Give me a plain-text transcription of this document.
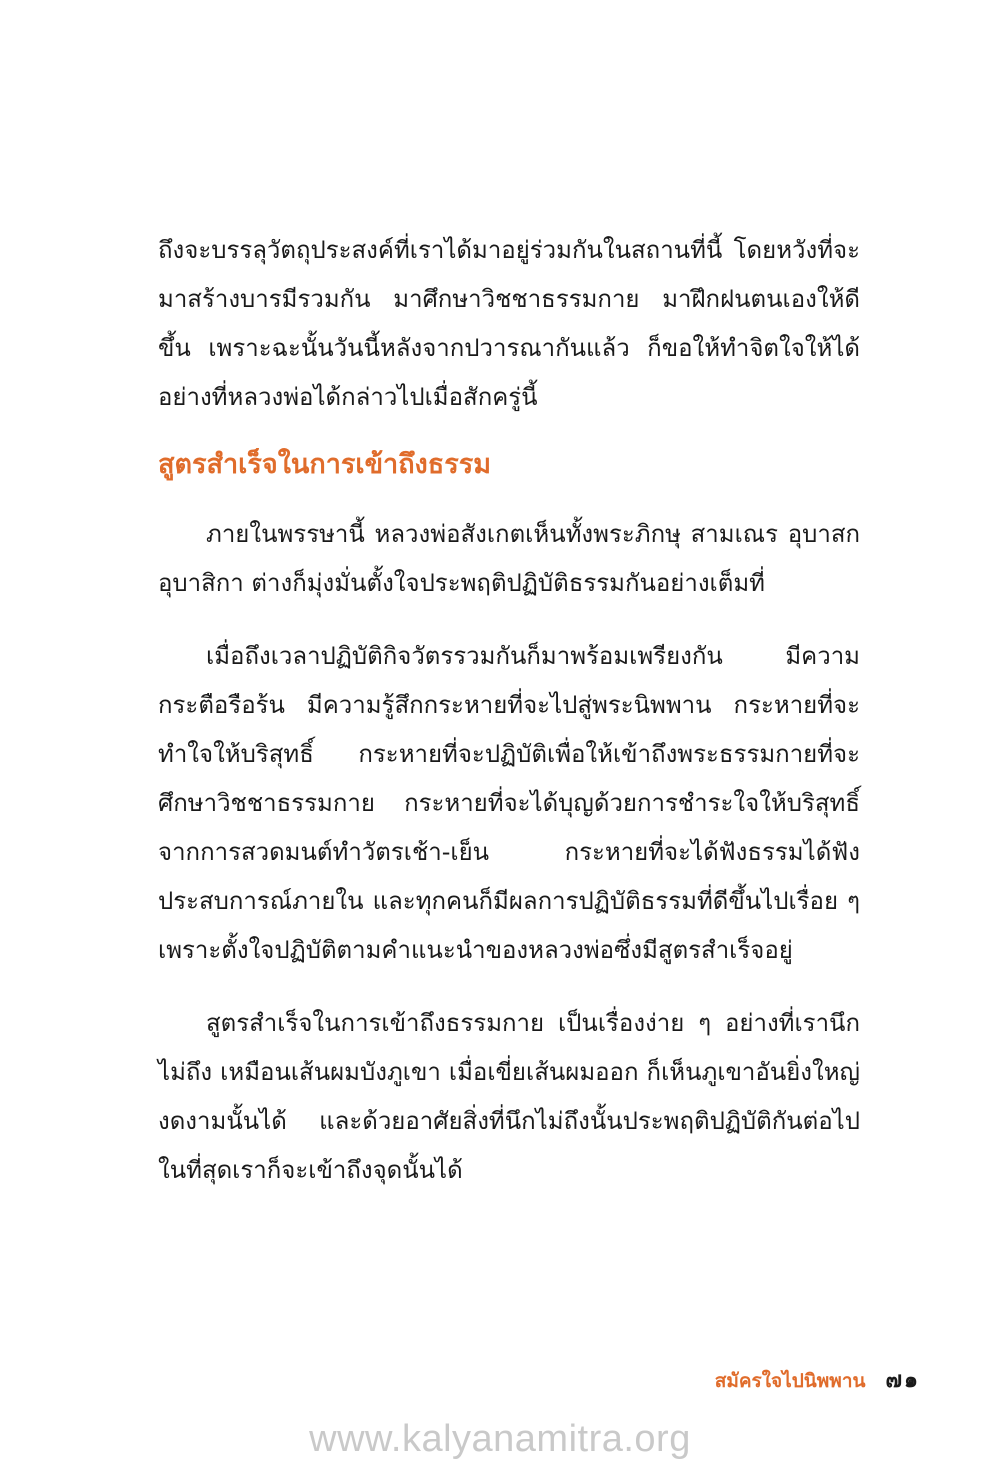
ถึงจะบรรลุวัตถุประสงค์ที่เราได้มาอยู่ร่วมกันในสถานที่นี้ โดยหวังที่จะมาสร้างบารมีรวมกัน มาศึกษาวิชชาธรรมกาย มาฝึกฝนตนเองให้ดีขึ้น เพราะฉะนั้นวันนี้หลังจากปวารณากันแล้ว ก็ขอให้ทำจิตใจให้ได้อย่างที่หลวงพ่อได้กล่าวไปเมื่อสักครู่นี้

สูตรสำเร็จในการเข้าถึงธรรม

ภายในพรรษานี้ หลวงพ่อสังเกตเห็นทั้งพระภิกษุ สามเณร อุบาสก อุบาสิกา ต่างก็มุ่งมั่นตั้งใจประพฤติปฏิบัติธรรมกันอย่างเต็มที่

เมื่อถึงเวลาปฏิบัติกิจวัตรรวมกันก็มาพร้อมเพรียงกัน มีความกระตือรือร้น มีความรู้สึกกระหายที่จะไปสู่พระนิพพาน กระหายที่จะทำใจให้บริสุทธิ์ กระหายที่จะปฏิบัติเพื่อให้เข้าถึงพระธรรมกายที่จะศึกษาวิชชาธรรมกาย กระหายที่จะได้บุญด้วยการชำระใจให้บริสุทธิ์จากการสวดมนต์ทำวัตรเช้า-เย็น กระหายที่จะได้ฟังธรรมได้ฟังประสบการณ์ภายใน และทุกคนก็มีผลการปฏิบัติธรรมที่ดีขึ้นไปเรื่อย ๆ เพราะตั้งใจปฏิบัติตามคำแนะนำของหลวงพ่อซึ่งมีสูตรสำเร็จอยู่

สูตรสำเร็จในการเข้าถึงธรรมกาย เป็นเรื่องง่าย ๆ อย่างที่เรานึกไม่ถึง เหมือนเส้นผมบังภูเขา เมื่อเขี่ยเส้นผมออก ก็เห็นภูเขาอันยิ่งใหญ่งดงามนั้นได้ และด้วยอาศัยสิ่งที่นึกไม่ถึงนั้นประพฤติปฏิบัติกันต่อไป ในที่สุดเราก็จะเข้าถึงจุดนั้นได้

สมัครใจไปนิพพาน ๗๑
www.kalyanamitra.org
